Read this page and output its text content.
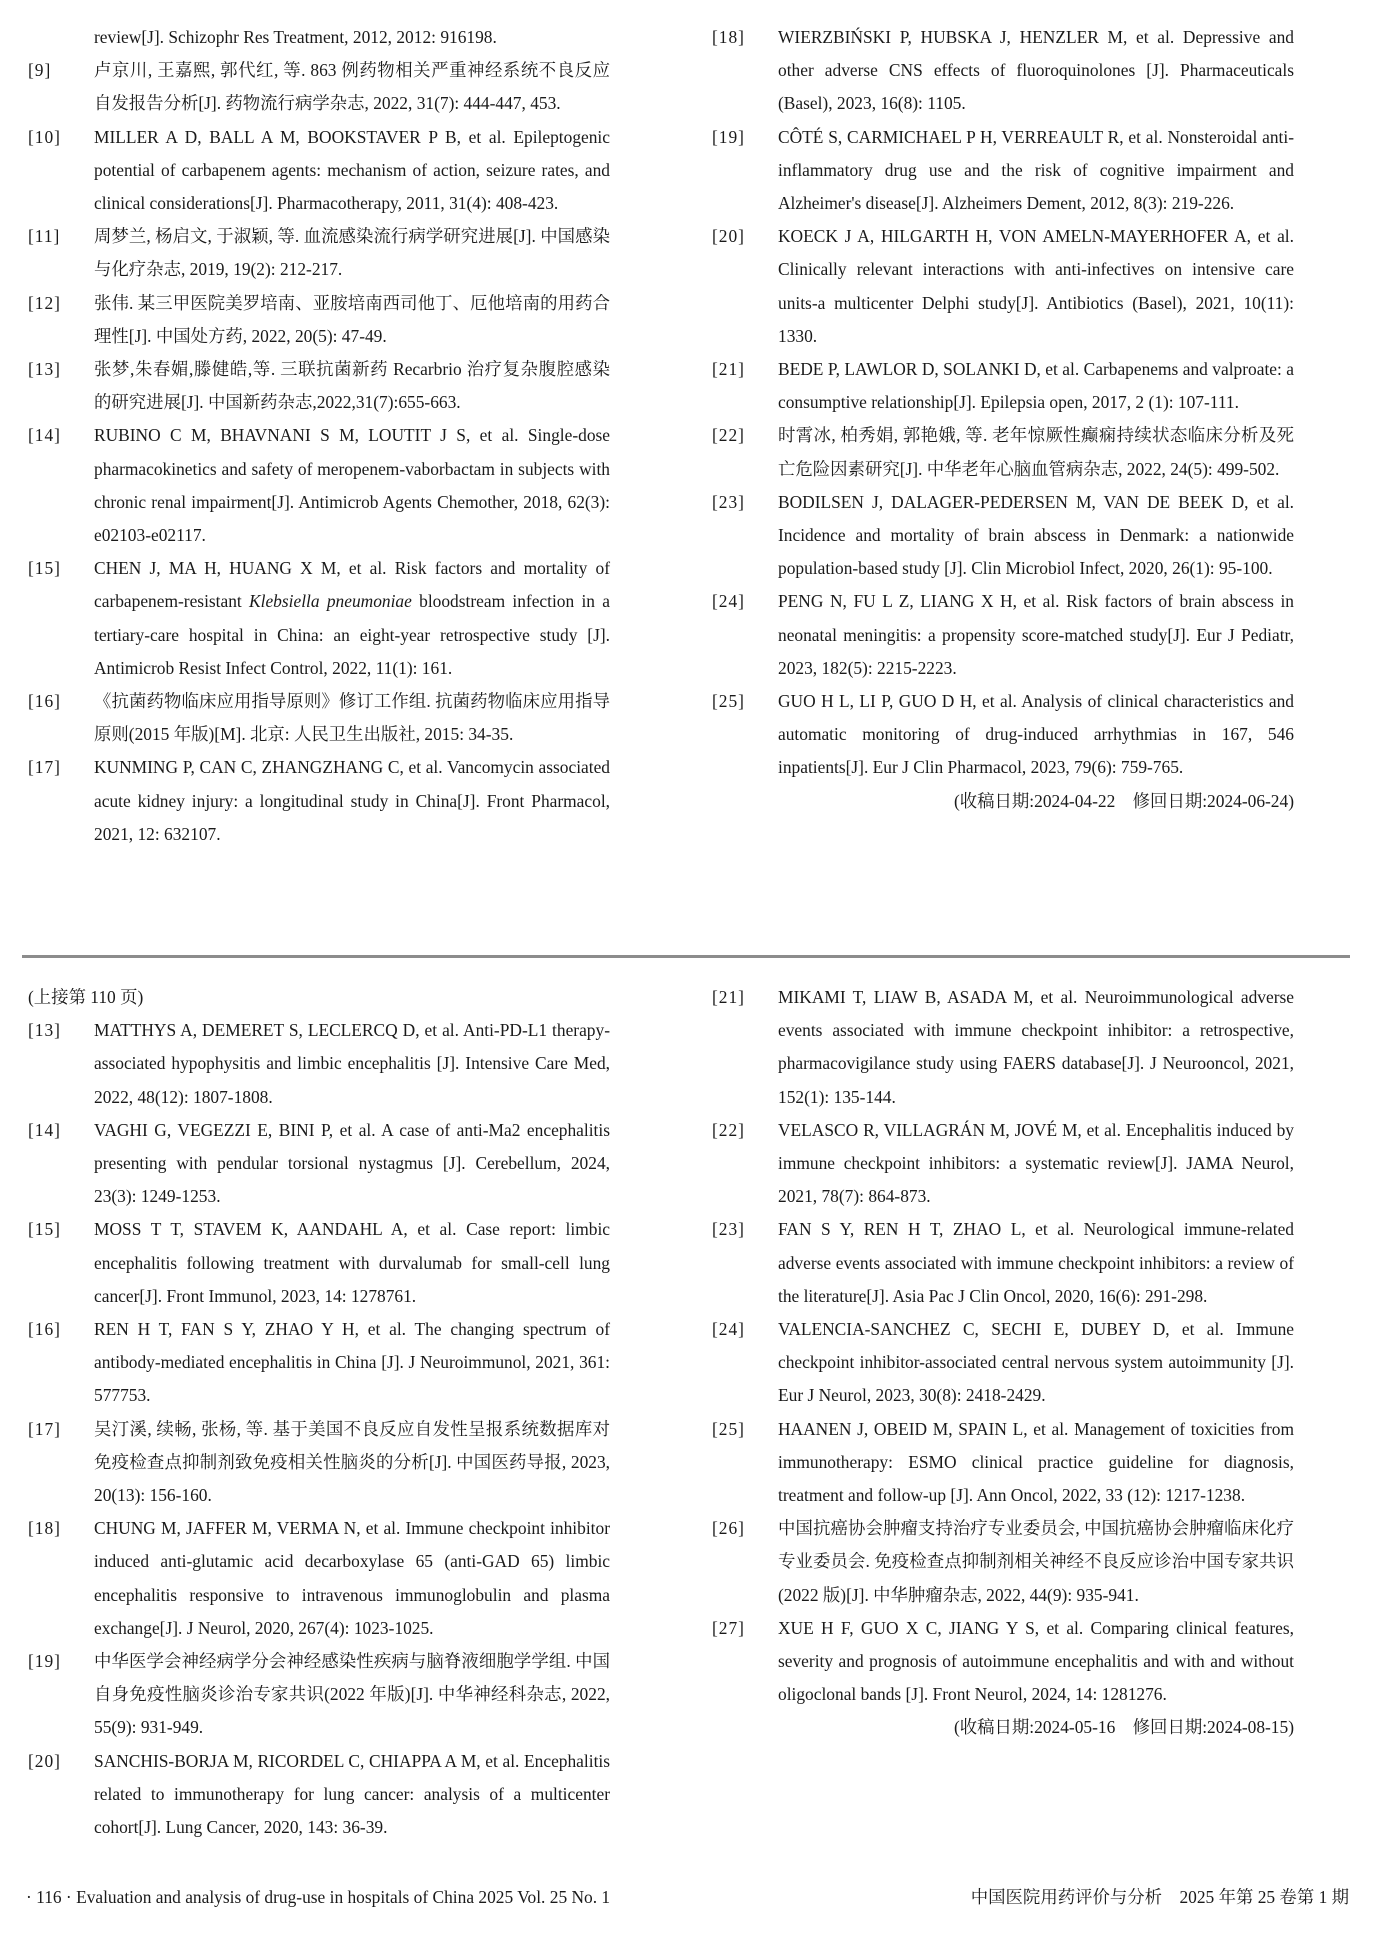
review[J]. Schizophr Res Treatment, 2012, 2012: 916198.
[9]	卢京川, 王嘉熙, 郭代红, 等. 863 例药物相关严重神经系统不良反应自发报告分析[J]. 药物流行病学杂志, 2022, 31(7): 444-447, 453.
[10]	MILLER A D, BALL A M, BOOKSTAVER P B, et al. Epileptogenic potential of carbapenem agents: mechanism of action, seizure rates, and clinical considerations[J]. Pharmacotherapy, 2011, 31(4): 408-423.
[11]	周梦兰, 杨启文, 于淑颖, 等. 血流感染流行病学研究进展[J]. 中国感染与化疗杂志, 2019, 19(2): 212-217.
[12]	张伟. 某三甲医院美罗培南、亚胺培南西司他丁、厄他培南的用药合理性[J]. 中国处方药, 2022, 20(5): 47-49.
[13]	张梦,朱春媚,滕健皓,等. 三联抗菌新药 Recarbrio 治疗复杂腹腔感染的研究进展[J]. 中国新药杂志,2022,31(7):655-663.
[14]	RUBINO C M, BHAVNANI S M, LOUTIT J S, et al. Single-dose pharmacokinetics and safety of meropenem-vaborbactam in subjects with chronic renal impairment[J]. Antimicrob Agents Chemother, 2018, 62(3): e02103-e02117.
[15]	CHEN J, MA H, HUANG X M, et al. Risk factors and mortality of carbapenem-resistant Klebsiella pneumoniae bloodstream infection in a tertiary-care hospital in China: an eight-year retrospective study [J]. Antimicrob Resist Infect Control, 2022, 11(1): 161.
[16]	《抗菌药物临床应用指导原则》修订工作组. 抗菌药物临床应用指导原则(2015 年版)[M]. 北京: 人民卫生出版社, 2015: 34-35.
[17]	KUNMING P, CAN C, ZHANGZHANG C, et al. Vancomycin associated acute kidney injury: a longitudinal study in China[J]. Front Pharmacol, 2021, 12: 632107.
[18]	WIERZBIŃSKI P, HUBSKA J, HENZLER M, et al. Depressive and other adverse CNS effects of fluoroquinolones [J]. Pharmaceuticals (Basel), 2023, 16(8): 1105.
[19]	CÔTÉ S, CARMICHAEL P H, VERREAULT R, et al. Nonsteroidal anti-inflammatory drug use and the risk of cognitive impairment and Alzheimer's disease[J]. Alzheimers Dement, 2012, 8(3): 219-226.
[20]	KOECK J A, HILGARTH H, VON AMELN-MAYERHOFER A, et al. Clinically relevant interactions with anti-infectives on intensive care units-a multicenter Delphi study[J]. Antibiotics (Basel), 2021, 10(11): 1330.
[21]	BEDE P, LAWLOR D, SOLANKI D, et al. Carbapenems and valproate: a consumptive relationship[J]. Epilepsia open, 2017, 2 (1): 107-111.
[22]	时霄冰, 柏秀娟, 郭艳娥, 等. 老年惊厥性癫痫持续状态临床分析及死亡危险因素研究[J]. 中华老年心脑血管病杂志, 2022, 24(5): 499-502.
[23]	BODILSEN J, DALAGER-PEDERSEN M, VAN DE BEEK D, et al. Incidence and mortality of brain abscess in Denmark: a nationwide population-based study [J]. Clin Microbiol Infect, 2020, 26(1): 95-100.
[24]	PENG N, FU L Z, LIANG X H, et al. Risk factors of brain abscess in neonatal meningitis: a propensity score-matched study[J]. Eur J Pediatr, 2023, 182(5): 2215-2223.
[25]	GUO H L, LI P, GUO D H, et al. Analysis of clinical characteristics and automatic monitoring of drug-induced arrhythmias in 167, 546 inpatients[J]. Eur J Clin Pharmacol, 2023, 79(6): 759-765.
(收稿日期:2024-04-22　修回日期:2024-06-24)
(上接第 110 页)
[13]	MATTHYS A, DEMERET S, LECLERCQ D, et al. Anti-PD-L1 therapy-associated hypophysitis and limbic encephalitis [J]. Intensive Care Med, 2022, 48(12): 1807-1808.
[14]	VAGHI G, VEGEZZI E, BINI P, et al. A case of anti-Ma2 encephalitis presenting with pendular torsional nystagmus [J]. Cerebellum, 2024, 23(3): 1249-1253.
[15]	MOSS T T, STAVEM K, AANDAHL A, et al. Case report: limbic encephalitis following treatment with durvalumab for small-cell lung cancer[J]. Front Immunol, 2023, 14: 1278761.
[16]	REN H T, FAN S Y, ZHAO Y H, et al. The changing spectrum of antibody-mediated encephalitis in China [J]. J Neuroimmunol, 2021, 361: 577753.
[17]	吴汀溪, 续畅, 张杨, 等. 基于美国不良反应自发性呈报系统数据库对免疫检查点抑制剂致免疫相关性脑炎的分析[J]. 中国医药导报, 2023, 20(13): 156-160.
[18]	CHUNG M, JAFFER M, VERMA N, et al. Immune checkpoint inhibitor induced anti-glutamic acid decarboxylase 65 (anti-GAD 65) limbic encephalitis responsive to intravenous immunoglobulin and plasma exchange[J]. J Neurol, 2020, 267(4): 1023-1025.
[19]	中华医学会神经病学分会神经感染性疾病与脑脊液细胞学学组. 中国自身免疫性脑炎诊治专家共识(2022 年版)[J]. 中华神经科杂志, 2022, 55(9): 931-949.
[20]	SANCHIS-BORJA M, RICORDEL C, CHIAPPA A M, et al. Encephalitis related to immunotherapy for lung cancer: analysis of a multicenter cohort[J]. Lung Cancer, 2020, 143: 36-39.
[21]	MIKAMI T, LIAW B, ASADA M, et al. Neuroimmunological adverse events associated with immune checkpoint inhibitor: a retrospective, pharmacovigilance study using FAERS database[J]. J Neurooncol, 2021, 152(1): 135-144.
[22]	VELASCO R, VILLAGRÁN M, JOVÉ M, et al. Encephalitis induced by immune checkpoint inhibitors: a systematic review[J]. JAMA Neurol, 2021, 78(7): 864-873.
[23]	FAN S Y, REN H T, ZHAO L, et al. Neurological immune-related adverse events associated with immune checkpoint inhibitors: a review of the literature[J]. Asia Pac J Clin Oncol, 2020, 16(6): 291-298.
[24]	VALENCIA-SANCHEZ C, SECHI E, DUBEY D, et al. Immune checkpoint inhibitor-associated central nervous system autoimmunity [J]. Eur J Neurol, 2023, 30(8): 2418-2429.
[25]	HAANEN J, OBEID M, SPAIN L, et al. Management of toxicities from immunotherapy: ESMO clinical practice guideline for diagnosis, treatment and follow-up [J]. Ann Oncol, 2022, 33 (12): 1217-1238.
[26]	中国抗癌协会肿瘤支持治疗专业委员会, 中国抗癌协会肿瘤临床化疗专业委员会. 免疫检查点抑制剂相关神经不良反应诊治中国专家共识(2022 版)[J]. 中华肿瘤杂志, 2022, 44(9): 935-941.
[27]	XUE H F, GUO X C, JIANG Y S, et al. Comparing clinical features, severity and prognosis of autoimmune encephalitis and with and without oligoclonal bands [J]. Front Neurol, 2024, 14: 1281276.
(收稿日期:2024-05-16　修回日期:2024-08-15)
· 116 · Evaluation and analysis of drug-use in hospitals of China 2025 Vol. 25 No. 1	中国医院用药评价与分析　2025 年第 25 卷第 1 期
